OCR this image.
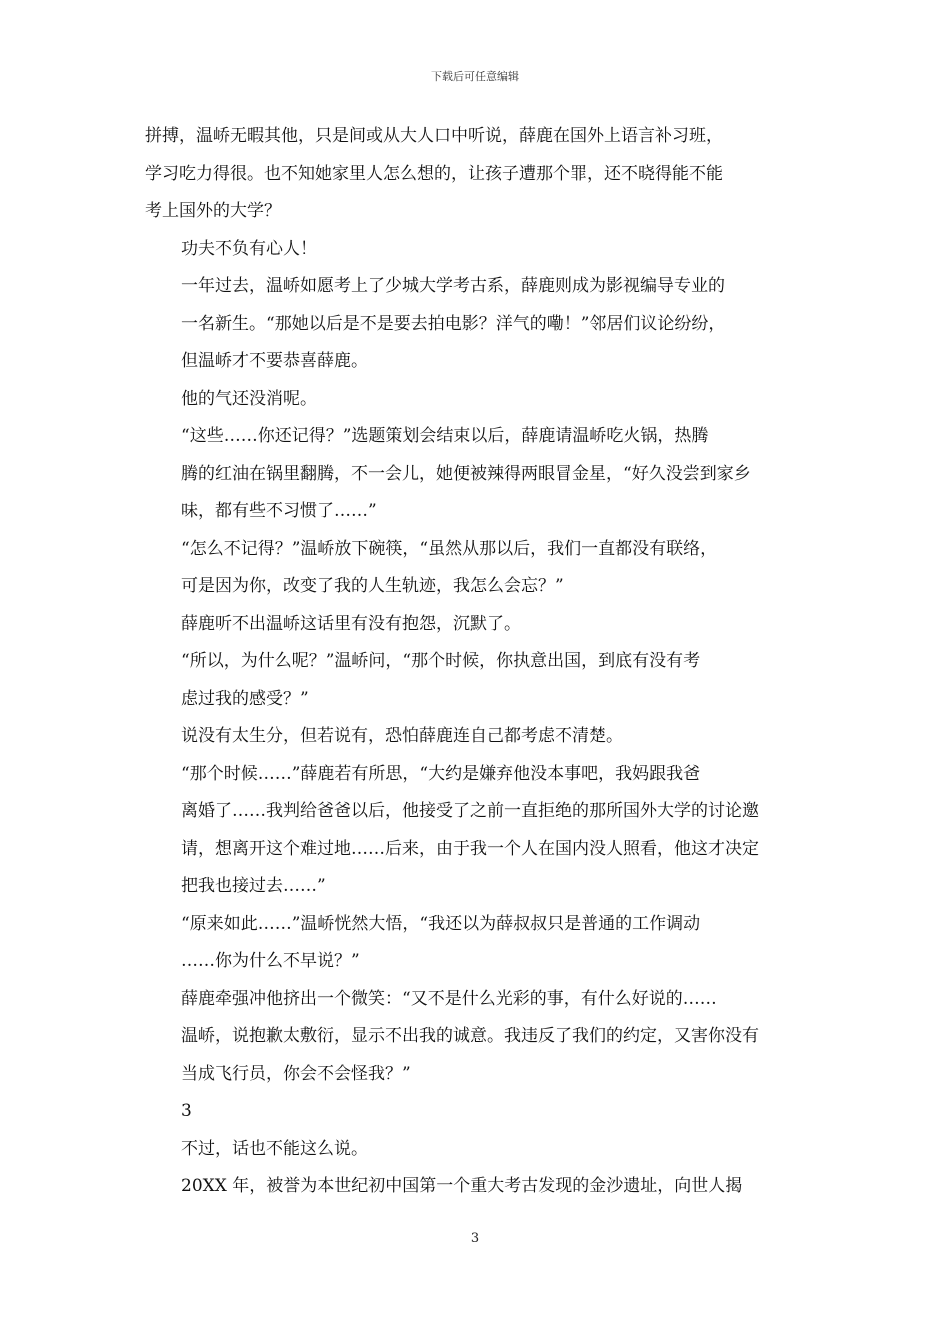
下载后可任意编辑
拼搏，温峤无暇其他，只是间或从大人口中听说，薛鹿在国外上语言补习班，
学习吃力得很。也不知她家里人怎么想的，让孩子遭那个罪，还不晓得能不能
考上国外的大学？
功夫不负有心人！
一年过去，温峤如愿考上了少城大学考古系，薛鹿则成为影视编导专业的
一名新生。“那她以后是不是要去拍电影？洋气的嘞！”邻居们议论纷纷，
但温峤才不要恭喜薛鹿。
他的气还没消呢。
“这些……你还记得？”选题策划会结束以后，薛鹿请温峤吃火锅，热腾
腾的红油在锅里翻腾，不一会儿，她便被辣得两眼冒金星，“好久没尝到家乡
味，都有些不习惯了……”
“怎么不记得？”温峤放下碗筷，“虽然从那以后，我们一直都没有联络，
可是因为你，改变了我的人生轨迹，我怎么会忘？”
薛鹿听不出温峤这话里有没有抱怨，沉默了。
“所以，为什么呢？”温峤问，“那个时候，你执意出国，到底有没有考
虑过我的感受？”
说没有太生分，但若说有，恐怕薛鹿连自己都考虑不清楚。
“那个时候……”薛鹿若有所思，“大约是嫌弃他没本事吧，我妈跟我爸
离婚了……我判给爸爸以后，他接受了之前一直拒绝的那所国外大学的讨论邀
请，想离开这个难过地……后来，由于我一个人在国内没人照看，他这才决定
把我也接过去……”
“原来如此……”温峤恍然大悟，“我还以为薛叔叔只是普通的工作调动
……你为什么不早说？”
薛鹿牵强冲他挤出一个微笑：“又不是什么光彩的事，有什么好说的……
温峤，说抱歉太敷衍，显示不出我的诚意。我违反了我们的约定，又害你没有
当成飞行员，你会不会怪我？”
3
不过，话也不能这么说。
20XX 年，被誉为本世纪初中国第一个重大考古发现的金沙遗址，向世人揭
3
